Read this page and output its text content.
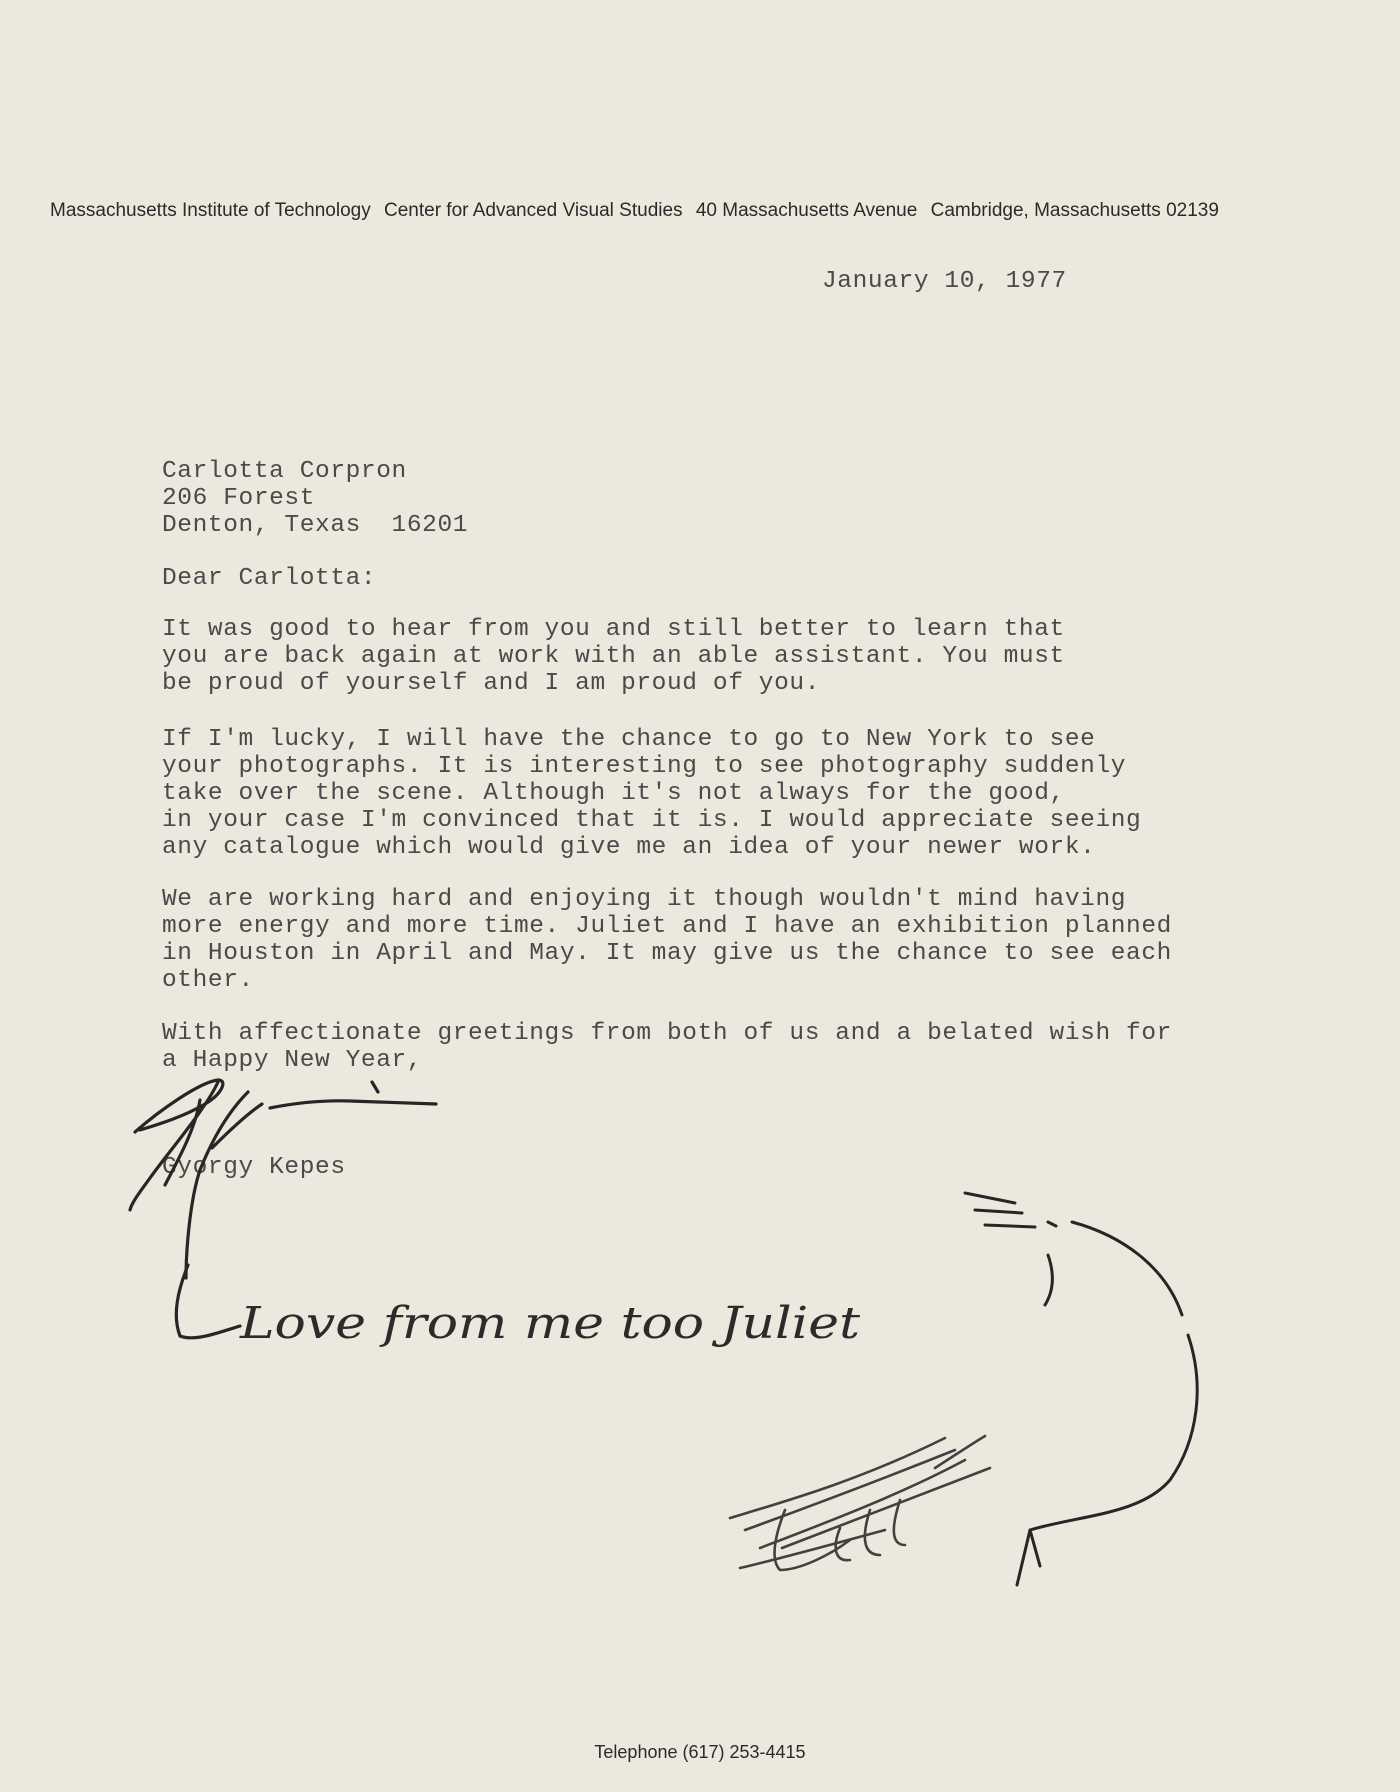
Massachusetts Institute of Technology Center for Advanced Visual Studies 40 Massachusetts Avenue Cambridge, Massachusetts 02139
January 10, 1977
Carlotta Corpron
206 Forest
Denton, Texas  16201
Dear Carlotta:
It was good to hear from you and still better to learn that
you are back again at work with an able assistant. You must
be proud of yourself and I am proud of you.
If I'm lucky, I will have the chance to go to New York to see
your photographs. It is interesting to see photography suddenly
take over the scene. Although it's not always for the good,
in your case I'm convinced that it is. I would appreciate seeing
any catalogue which would give me an idea of your newer work.
We are working hard and enjoying it though wouldn't mind having
more energy and more time. Juliet and I have an exhibition planned
in Houston in April and May. It may give us the chance to see each
other.
With affectionate greetings from both of us and a belated wish for
a Happy New Year,
Gyorgy Kepes
Love from me too Juliet
Telephone (617) 253-4415
